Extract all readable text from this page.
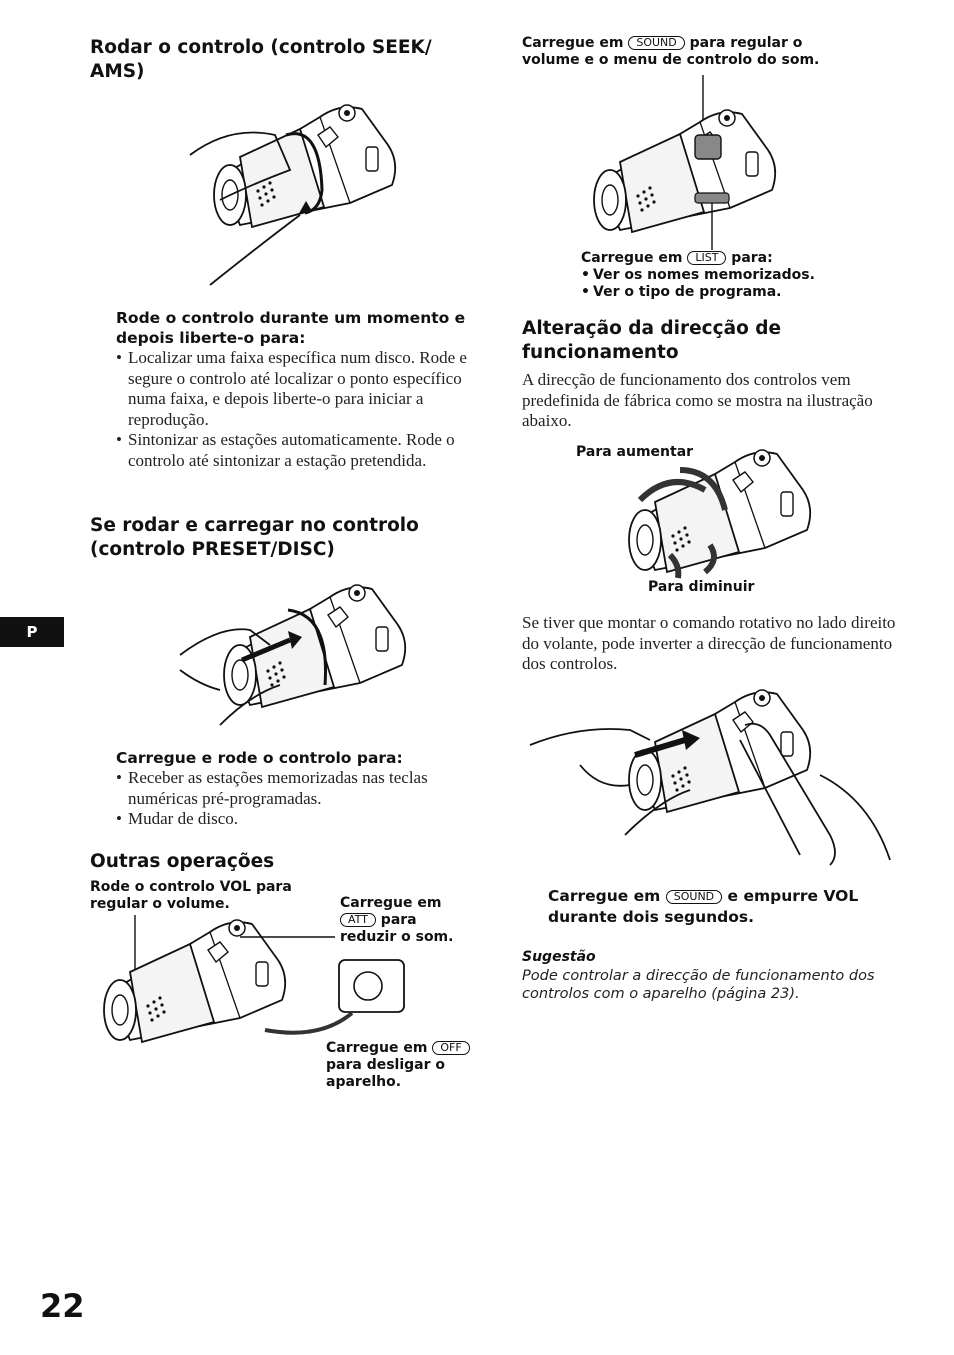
Rodar o controlo (controlo SEEK/ AMS)
Rode o controlo durante um momento e depois liberte-o para:
• Localizar uma faixa específica num disco. Rode e segure o controlo até localizar o ponto específico numa faixa, e depois liberte-o para iniciar a reprodução.
• Sintonizar as estações automaticamente. Rode o controlo até sintonizar a estação pretendida.
Se rodar e carregar no controlo (controlo PRESET/DISC)
Carregue e rode o controlo para:
• Receber as estações memorizadas nas teclas numéricas pré-programadas.
• Mudar de disco.
Outras operações
Rode o controlo VOL para regular o volume.	Carregue em
ATT para reduzir o som.
Carregue em OFF para desligar o aparelho.
P
22
Carregue em SOUND para regular o volume e o menu de controlo do som.
Carregue em LIST para:
• Ver os nomes memorizados.
• Ver o tipo de programa.
Alteração da direcção de funcionamento
A direcção de funcionamento dos controlos vem predefinida de fábrica como se mostra na ilustração abaixo.
Para aumentar
Para diminuir
Se tiver que montar o comando rotativo no lado direito do volante, pode inverter a direcção de funcionamento dos controlos.
Carregue em SOUND e empurre VOL durante dois segundos.
Sugestão
Pode controlar a direcção de funcionamento dos controlos com o aparelho (página 23).
